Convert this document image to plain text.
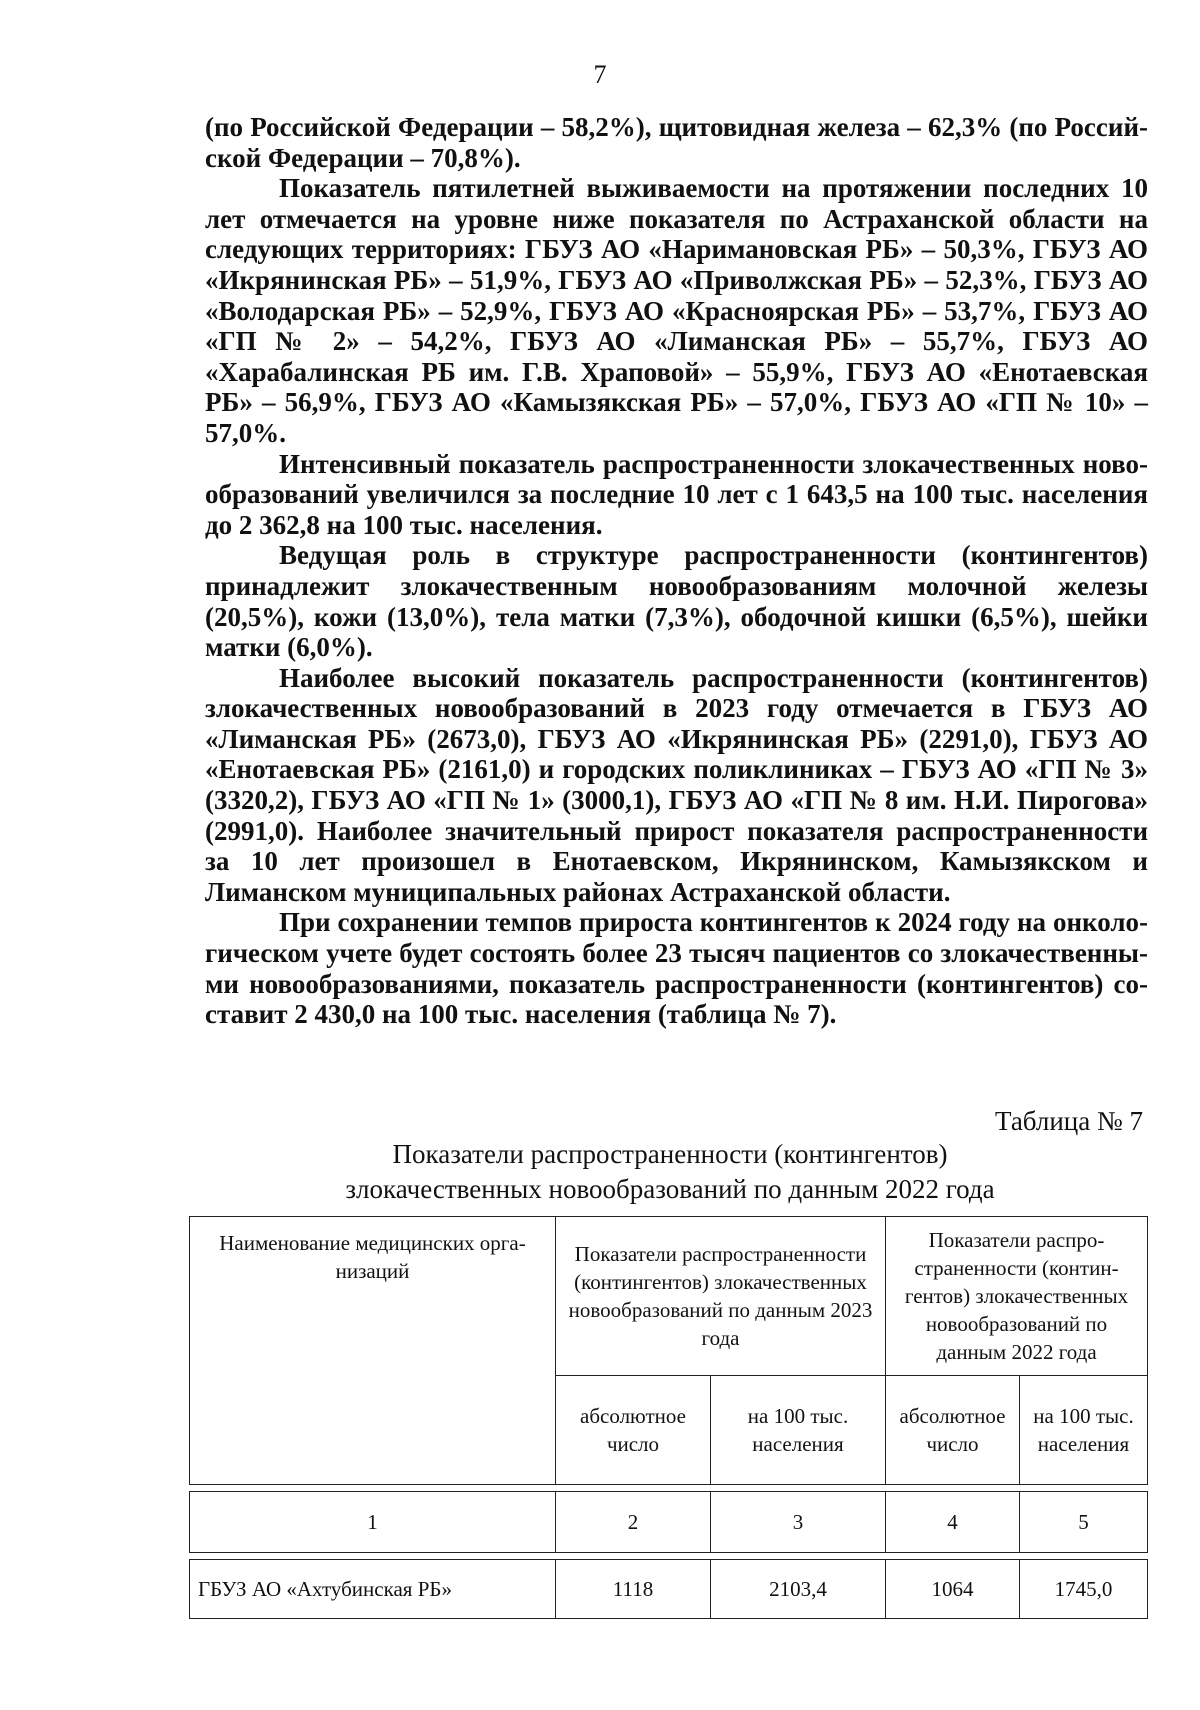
7

(по Российской Федерации – 58,2%), щитовидная железа – 62,3% (по Российской Федерации – 70,8%).

Показатель пятилетней выживаемости на протяжении последних 10 лет отмечается на уровне ниже показателя по Астраханской области на следующих территориях: ГБУЗ АО «Наримановская РБ» – 50,3%, ГБУЗ АО «Икрянинская РБ» – 51,9%, ГБУЗ АО «Приволжская РБ» – 52,3%, ГБУЗ АО «Володарская РБ» – 52,9%, ГБУЗ АО «Красноярская РБ» – 53,7%, ГБУЗ АО «ГП № 2» – 54,2%, ГБУЗ АО «Лиманская РБ» – 55,7%, ГБУЗ АО «Харабалинская РБ им. Г.В. Храповой» – 55,9%, ГБУЗ АО «Енотаевская РБ» – 56,9%, ГБУЗ АО «Камызякская РБ» – 57,0%, ГБУЗ АО «ГП № 10» – 57,0%.

Интенсивный показатель распространенности злокачественных новообразований увеличился за последние 10 лет с 1 643,5 на 100 тыс. населения до 2 362,8 на 100 тыс. населения.

Ведущая роль в структуре распространенности (контингентов) принадлежит злокачественным новообразованиям молочной железы (20,5%), кожи (13,0%), тела матки (7,3%), ободочной кишки (6,5%), шейки матки (6,0%).

Наиболее высокий показатель распространенности (контингентов) злокачественных новообразований в 2023 году отмечается в ГБУЗ АО «Лиманская РБ» (2673,0), ГБУЗ АО «Икрянинская РБ» (2291,0), ГБУЗ АО «Енотаевская РБ» (2161,0) и городских поликлиниках – ГБУЗ АО «ГП № 3» (3320,2), ГБУЗ АО «ГП № 1» (3000,1), ГБУЗ АО «ГП № 8 им. Н.И. Пирогова» (2991,0). Наиболее значительный прирост показателя распространенности за 10 лет произошел в Енотаевском, Икрянинском, Камызякском и Лиманском муниципальных районах Астраханской области.

При сохранении темпов прироста контингентов к 2024 году на онкологическом учете будет состоять более 23 тысяч пациентов со злокачественными новообразованиями, показатель распространенности (контингентов) составит 2 430,0 на 100 тыс. населения (таблица № 7).

Таблица № 7
Показатели распространенности (контингентов)
злокачественных новообразований по данным 2022 года
Наименование медицинских организаций	Показатели распространенности (контингентов) злокачественных новообразований по данным 2023 года		Показатели распространенности (контингентов) злокачественных новообразований по данным 2022 года	
	абсолютное число	на 100 тыс. населения	абсолютное число	на 100 тыс. населения

1	2	3	4	5

ГБУЗ АО «Ахтубинская РБ»	1118	2103,4	1064	1745,0
